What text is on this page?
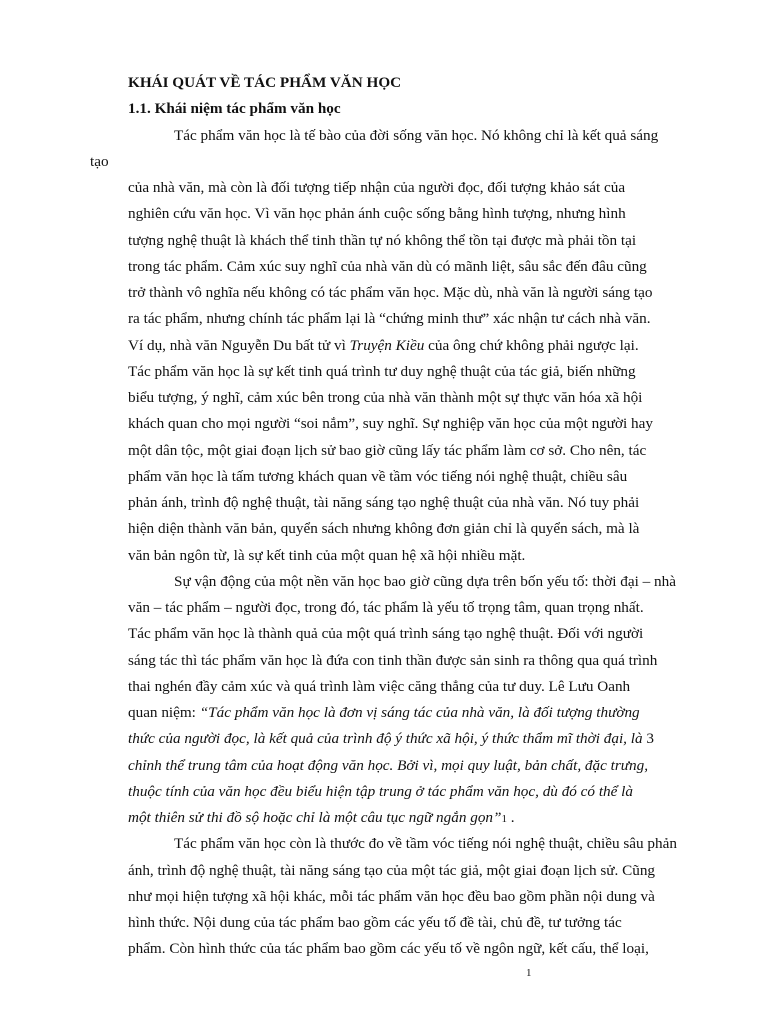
KHÁI QUÁT VỀ TÁC PHẨM VĂN HỌC
1.1. Khái niệm tác phẩm văn học
Tác phẩm văn học là tế bào của đời sống văn học. Nó không chỉ là kết quả sáng
tạo
của nhà văn, mà còn là đối tượng tiếp nhận của người đọc, đối tượng khảo sát của
nghiên cứu văn học. Vì văn học phản ánh cuộc sống bằng hình tượng, nhưng hình
tượng nghệ thuật là khách thể tinh thần tự nó không thể tồn tại được mà phải tồn tại
trong tác phẩm. Cảm xúc suy nghĩ của nhà văn dù có mãnh liệt, sâu sắc đến đâu cũng
trở thành vô nghĩa nếu không có tác phẩm văn học. Mặc dù, nhà văn là người sáng tạo
ra tác phẩm, nhưng chính tác phẩm lại là “chứng minh thư” xác nhận tư cách nhà văn.
Ví dụ, nhà văn Nguyễn Du bất tử vì Truyện Kiều của ông chứ không phải ngược lại.
Tác phẩm văn học là sự kết tinh quá trình tư duy nghệ thuật của tác giả, biến những
biểu tượng, ý nghĩ, cảm xúc bên trong của nhà văn thành một sự thực văn hóa xã hội
khách quan cho mọi người “soi nắm”, suy nghĩ. Sự nghiệp văn học của một người hay
một dân tộc, một giai đoạn lịch sử bao giờ cũng lấy tác phẩm làm cơ sở. Cho nên, tác
phẩm văn học là tấm tương khách quan về tầm vóc tiếng nói nghệ thuật, chiều sâu
phản ánh, trình độ nghệ thuật, tài năng sáng tạo nghệ thuật của nhà văn. Nó tuy phải
hiện diện thành văn bản, quyển sách nhưng không đơn giản chỉ là quyển sách, mà là
văn bản ngôn từ, là sự kết tinh của một quan hệ xã hội nhiều mặt.
Sự vận động của một nền văn học bao giờ cũng dựa trên bốn yếu tố: thời đại – nhà
văn – tác phẩm – người đọc, trong đó, tác phẩm là yếu tố trọng tâm, quan trọng nhất.
Tác phẩm văn học là thành quả của một quá trình sáng tạo nghệ thuật. Đối với người
sáng tác thì tác phẩm văn học là đứa con tinh thần được sản sinh ra thông qua quá trình
thai nghén đầy cảm xúc và quá trình làm việc căng thẳng của tư duy. Lê Lưu Oanh
quan niệm: “Tác phẩm văn học là đơn vị sáng tác của nhà văn, là đối tượng thường
thức của người đọc, là kết quả của trình độ ý thức xã hội, ý thức thẩm mĩ thời đại, là 3
chỉnh thể trung tâm của hoạt động văn học. Bởi vì, mọi quy luật, bản chất, đặc trưng,
thuộc tính của văn học đều biểu hiện tập trung ở tác phẩm văn học, dù đó có thể là
một thiên sử thi đồ sộ hoặc chỉ là một câu tục ngữ ngắn gọn”1 .
Tác phẩm văn học còn là thước đo về tầm vóc tiếng nói nghệ thuật, chiều sâu phản
ánh, trình độ nghệ thuật, tài năng sáng tạo của một tác giả, một giai đoạn lịch sử. Cũng
như mọi hiện tượng xã hội khác, mỗi tác phẩm văn học đều bao gồm phần nội dung và
hình thức. Nội dung của tác phẩm bao gồm các yếu tố đề tài, chủ đề, tư tưởng tác
phẩm. Còn hình thức của tác phẩm bao gồm các yếu tố về ngôn ngữ, kết cấu, thể loại,
1
